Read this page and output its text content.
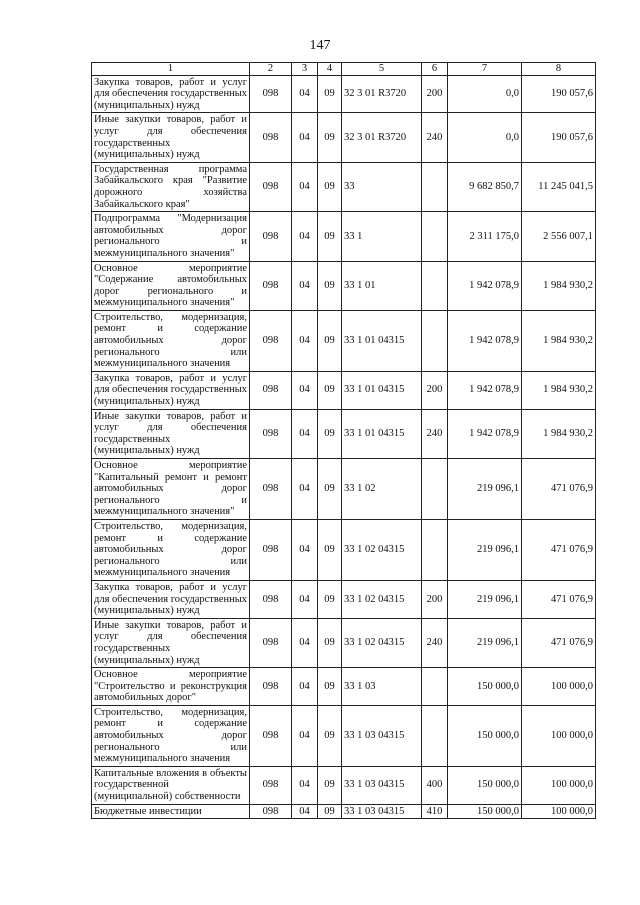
147
1	2	3	4	5	6	7	8
Закупка товаров, работ и услуг для обеспечения государственных (муниципальных) нужд	098	04	09	32 3 01 R3720	200	0,0	190 057,6
Иные закупки товаров, работ и услуг для обеспечения государственных (муниципальных) нужд	098	04	09	32 3 01 R3720	240	0,0	190 057,6
Государственная программа Забайкальского края "Развитие дорожного хозяйства Забайкальского края"	098	04	09	33		9 682 850,7	11 245 041,5
Подпрограмма "Модернизация автомобильных дорог регионального и межмуниципального значения"	098	04	09	33 1		2 311 175,0	2 556 007,1
Основное мероприятие "Содержание автомобильных дорог регионального и межмуниципального значения"	098	04	09	33 1 01		1 942 078,9	1 984 930,2
Строительство, модернизация, ремонт и содержание автомобильных дорог регионального или межмуниципального значения	098	04	09	33 1 01 04315		1 942 078,9	1 984 930,2
Закупка товаров, работ и услуг для обеспечения государственных (муниципальных) нужд	098	04	09	33 1 01 04315	200	1 942 078,9	1 984 930,2
Иные закупки товаров, работ и услуг для обеспечения государственных (муниципальных) нужд	098	04	09	33 1 01 04315	240	1 942 078,9	1 984 930,2
Основное мероприятие "Капитальный ремонт и ремонт автомобильных дорог регионального и межмуниципального значения"	098	04	09	33 1 02		219 096,1	471 076,9
Строительство, модернизация, ремонт и содержание автомобильных дорог регионального или межмуниципального значения	098	04	09	33 1 02 04315		219 096,1	471 076,9
Закупка товаров, работ и услуг для обеспечения государственных (муниципальных) нужд	098	04	09	33 1 02 04315	200	219 096,1	471 076,9
Иные закупки товаров, работ и услуг для обеспечения государственных (муниципальных) нужд	098	04	09	33 1 02 04315	240	219 096,1	471 076,9
Основное мероприятие "Строительство и реконструкция автомобильных дорог"	098	04	09	33 1 03		150 000,0	100 000,0
Строительство, модернизация, ремонт и содержание автомобильных дорог регионального или межмуниципального значения	098	04	09	33 1 03 04315		150 000,0	100 000,0
Капитальные вложения в объекты государственной (муниципальной) собственности	098	04	09	33 1 03 04315	400	150 000,0	100 000,0
Бюджетные инвестиции	098	04	09	33 1 03 04315	410	150 000,0	100 000,0
